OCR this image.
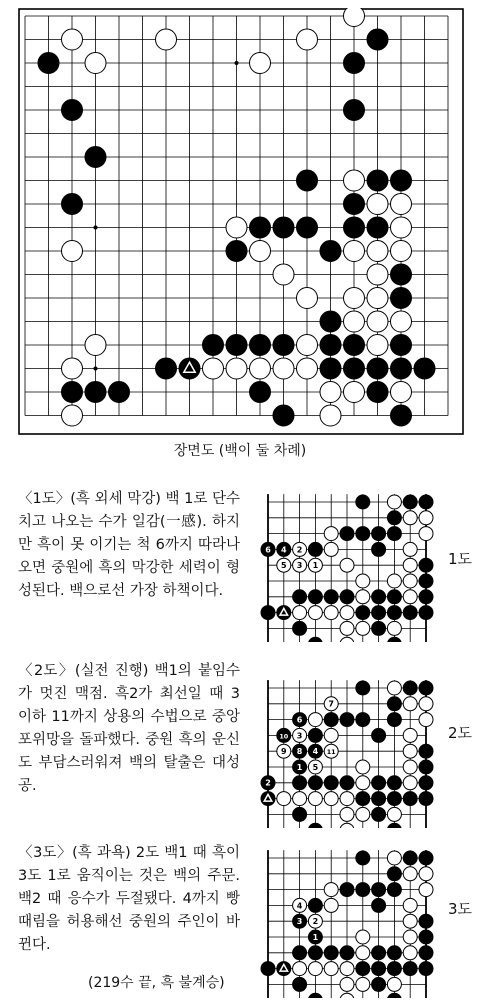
장면도 (백이 둘 차례)
〈1도〉(흑 외세 막강) 백 1로 단수치고 나오는 수가 일감(一感). 하지만 흑이 못 이기는 척 6까지 따라나오면 중원에 흑의 막강한 세력이 형성된다. 백으로선 가장 하책이다.
〈2도〉(실전 진행) 백1의 붙임수가 멋진 맥점. 흑2가 최선일 때 3 이하 11까지 상용의 수법으로 중앙 포위망을 돌파했다. 중원 흑의 운신도 부담스러워져 백의 탈출은 대성공.
〈3도〉(흑 과욕) 2도 백1 때 흑이 3도 1로 움직이는 것은 백의 주문. 백2 때 응수가 두절됐다. 4까지 빵때림을 허용해선 중원의 주인이 바뀐다.
(219수 끝, 흑 불계승)
6 4 2
5 3 1	1도
7
6
10 3
9 8 4 11
1 5
2
2도
4
3 2
1
3도
